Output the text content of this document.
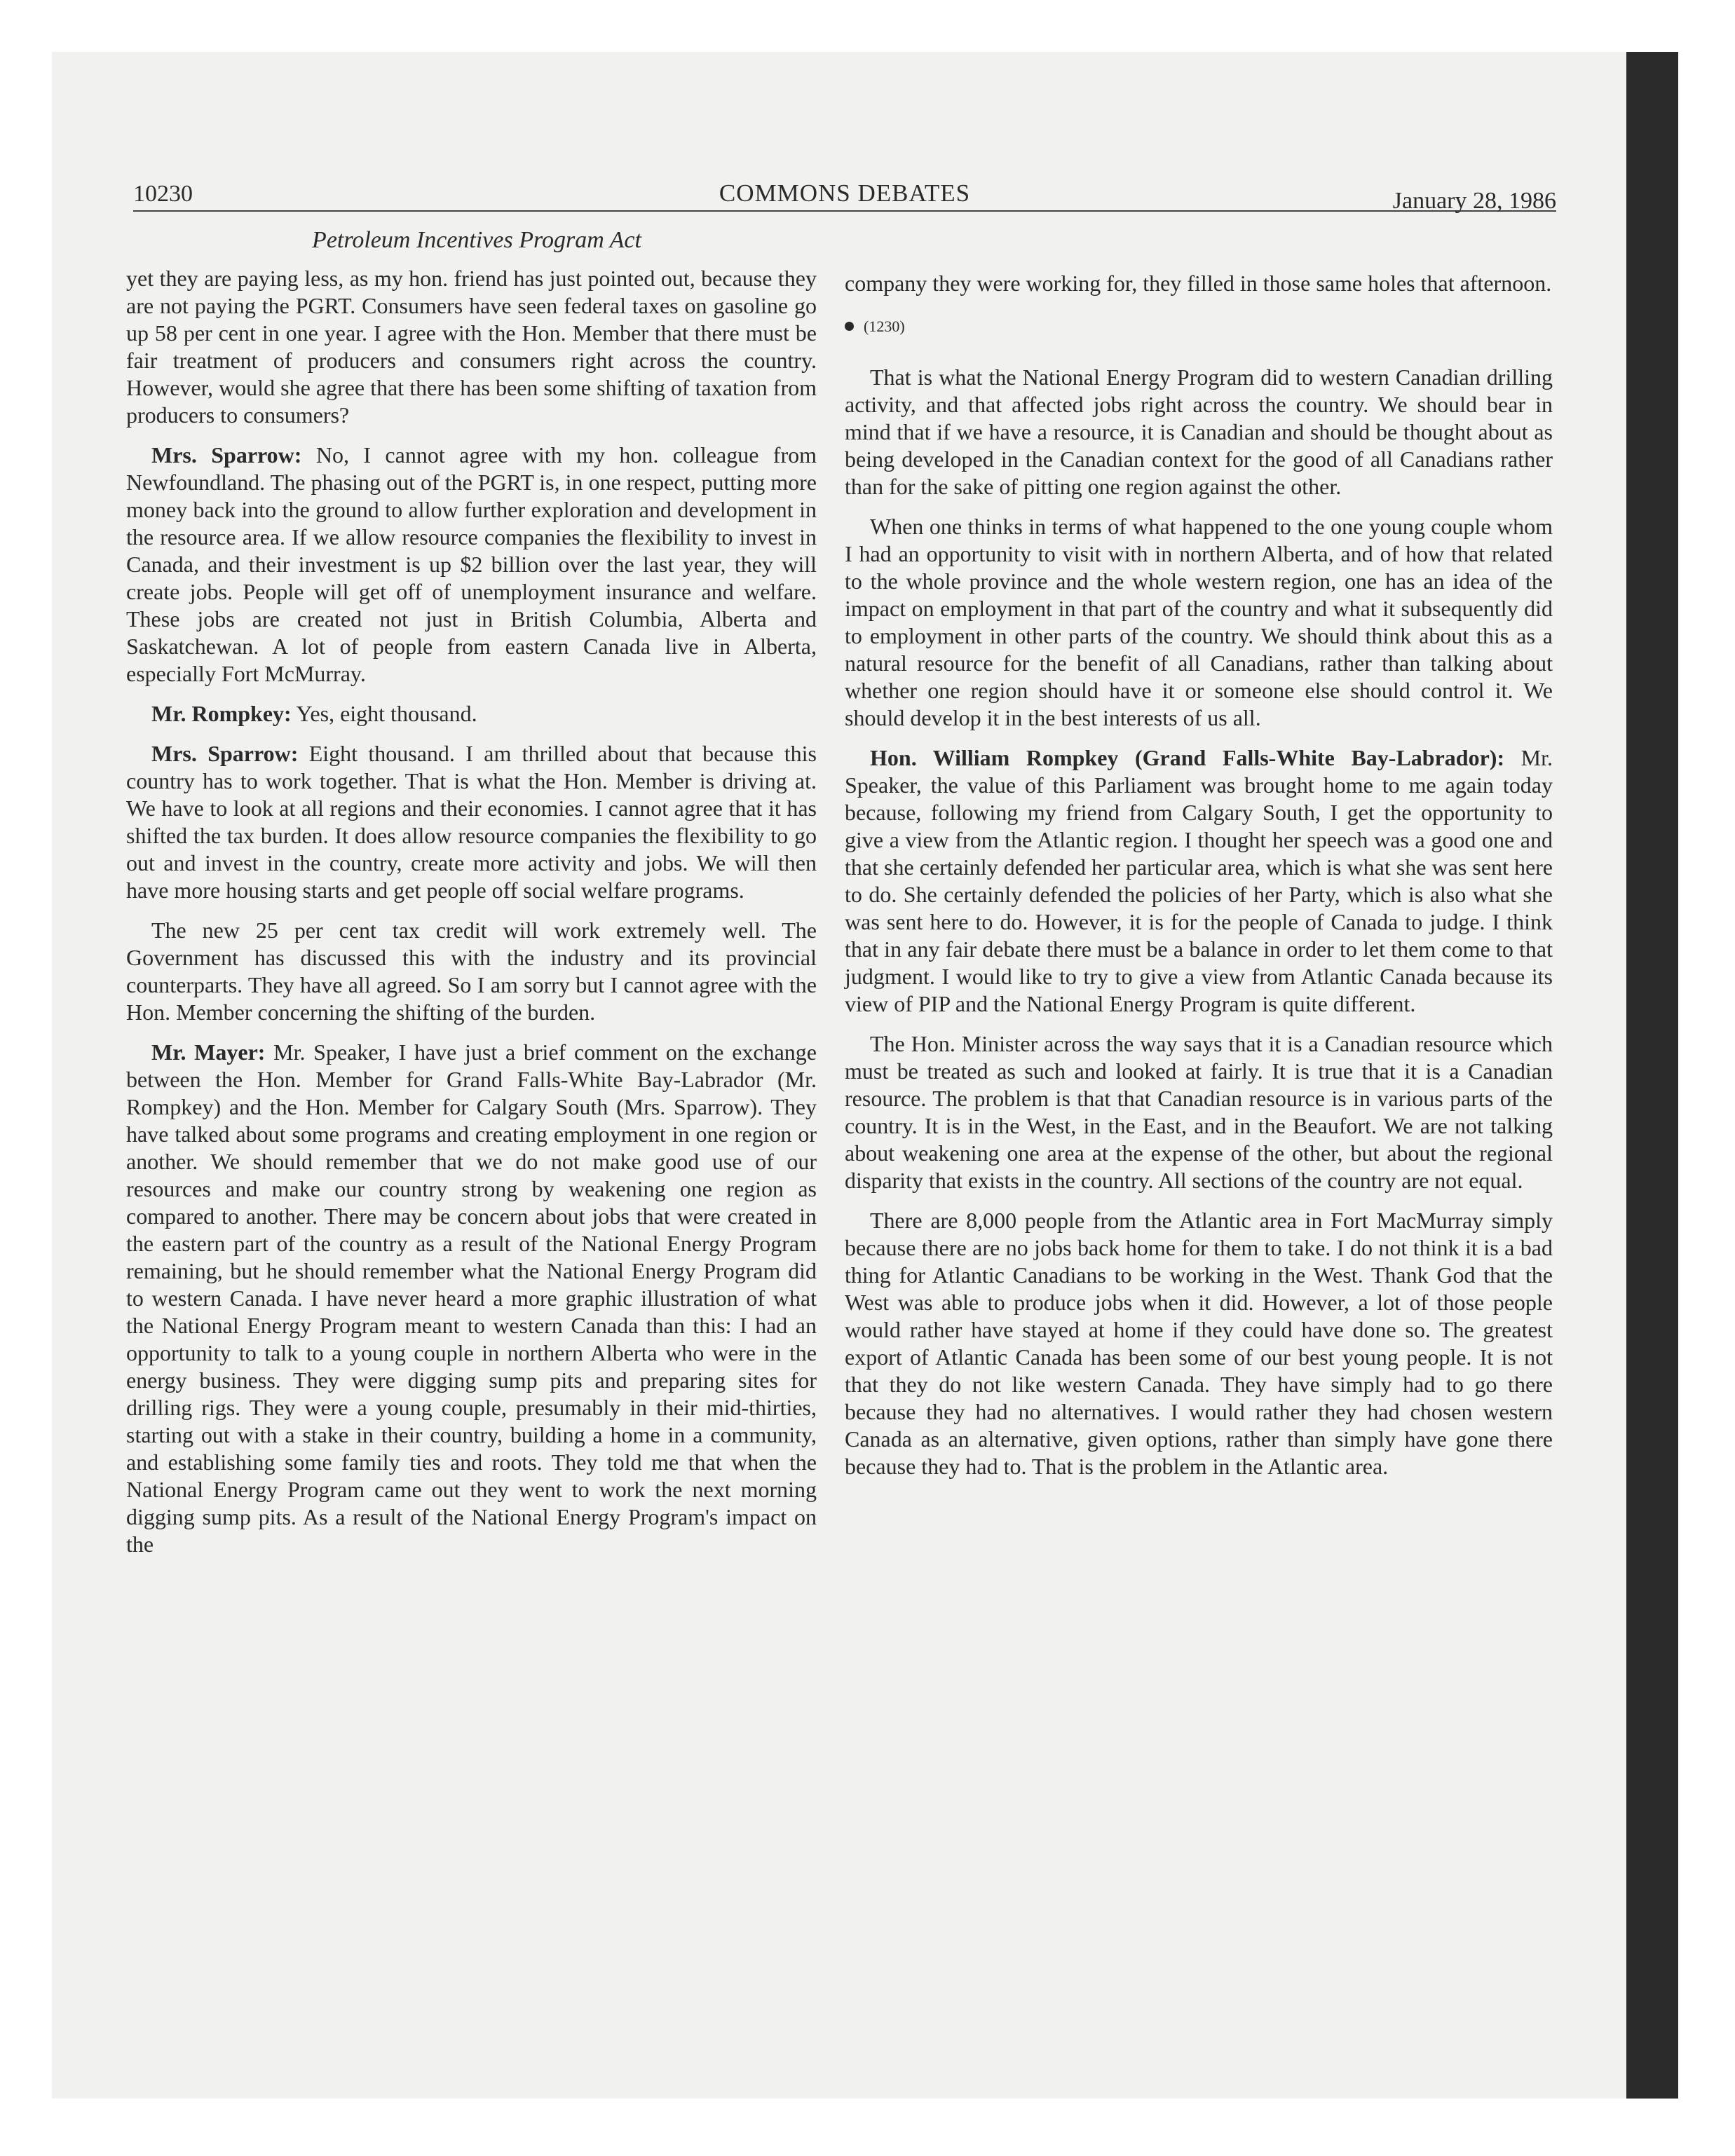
10230	COMMONS DEBATES	January 28, 1986
Petroleum Incentives Program Act

yet they are paying less, as my hon. friend has just pointed out, because they are not paying the PGRT. Consumers have seen federal taxes on gasoline go up 58 per cent in one year. I agree with the Hon. Member that there must be fair treatment of producers and consumers right across the country. However, would she agree that there has been some shifting of taxation from producers to consumers?

Mrs. Sparrow: No, I cannot agree with my hon. colleague from Newfoundland. The phasing out of the PGRT is, in one respect, putting more money back into the ground to allow further exploration and development in the resource area. If we allow resource companies the flexibility to invest in Canada, and their investment is up $2 billion over the last year, they will create jobs. People will get off of unemployment insurance and welfare. These jobs are created not just in British Columbia, Alberta and Saskatchewan. A lot of people from eastern Canada live in Alberta, especially Fort McMurray.

Mr. Rompkey: Yes, eight thousand.

Mrs. Sparrow: Eight thousand. I am thrilled about that because this country has to work together. That is what the Hon. Member is driving at. We have to look at all regions and their economies. I cannot agree that it has shifted the tax burden. It does allow resource companies the flexibility to go out and invest in the country, create more activity and jobs. We will then have more housing starts and get people off social welfare programs.

The new 25 per cent tax credit will work extremely well. The Government has discussed this with the industry and its provincial counterparts. They have all agreed. So I am sorry but I cannot agree with the Hon. Member concerning the shifting of the burden.

Mr. Mayer: Mr. Speaker, I have just a brief comment on the exchange between the Hon. Member for Grand Falls-White Bay-Labrador (Mr. Rompkey) and the Hon. Member for Calgary South (Mrs. Sparrow). They have talked about some programs and creating employment in one region or another. We should remember that we do not make good use of our resources and make our country strong by weakening one region as compared to another. There may be concern about jobs that were created in the eastern part of the country as a result of the National Energy Program remaining, but he should remember what the National Energy Program did to western Canada. I have never heard a more graphic illustration of what the National Energy Program meant to western Canada than this: I had an opportunity to talk to a young couple in northern Alberta who were in the energy business. They were digging sump pits and preparing sites for drilling rigs. They were a young couple, presumably in their mid-thirties, starting out with a stake in their country, building a home in a community, and establishing some family ties and roots. They told me that when the National Energy Program came out they went to work the next morning digging sump pits. As a result of the National Energy Program's impact on the

company they were working for, they filled in those same holes that afternoon.

(1230)

That is what the National Energy Program did to western Canadian drilling activity, and that affected jobs right across the country. We should bear in mind that if we have a resource, it is Canadian and should be thought about as being developed in the Canadian context for the good of all Canadians rather than for the sake of pitting one region against the other.

When one thinks in terms of what happened to the one young couple whom I had an opportunity to visit with in northern Alberta, and of how that related to the whole province and the whole western region, one has an idea of the impact on employment in that part of the country and what it subsequently did to employment in other parts of the country. We should think about this as a natural resource for the benefit of all Canadians, rather than talking about whether one region should have it or someone else should control it. We should develop it in the best interests of us all.

Hon. William Rompkey (Grand Falls-White Bay-Labrador): Mr. Speaker, the value of this Parliament was brought home to me again today because, following my friend from Calgary South, I get the opportunity to give a view from the Atlantic region. I thought her speech was a good one and that she certainly defended her particular area, which is what she was sent here to do. She certainly defended the policies of her Party, which is also what she was sent here to do. However, it is for the people of Canada to judge. I think that in any fair debate there must be a balance in order to let them come to that judgment. I would like to try to give a view from Atlantic Canada because its view of PIP and the National Energy Program is quite different.

The Hon. Minister across the way says that it is a Canadian resource which must be treated as such and looked at fairly. It is true that it is a Canadian resource. The problem is that that Canadian resource is in various parts of the country. It is in the West, in the East, and in the Beaufort. We are not talking about weakening one area at the expense of the other, but about the regional disparity that exists in the country. All sections of the country are not equal.

There are 8,000 people from the Atlantic area in Fort MacMurray simply because there are no jobs back home for them to take. I do not think it is a bad thing for Atlantic Canadians to be working in the West. Thank God that the West was able to produce jobs when it did. However, a lot of those people would rather have stayed at home if they could have done so. The greatest export of Atlantic Canada has been some of our best young people. It is not that they do not like western Canada. They have simply had to go there because they had no alternatives. I would rather they had chosen western Canada as an alternative, given options, rather than simply have gone there because they had to. That is the problem in the Atlantic area.
